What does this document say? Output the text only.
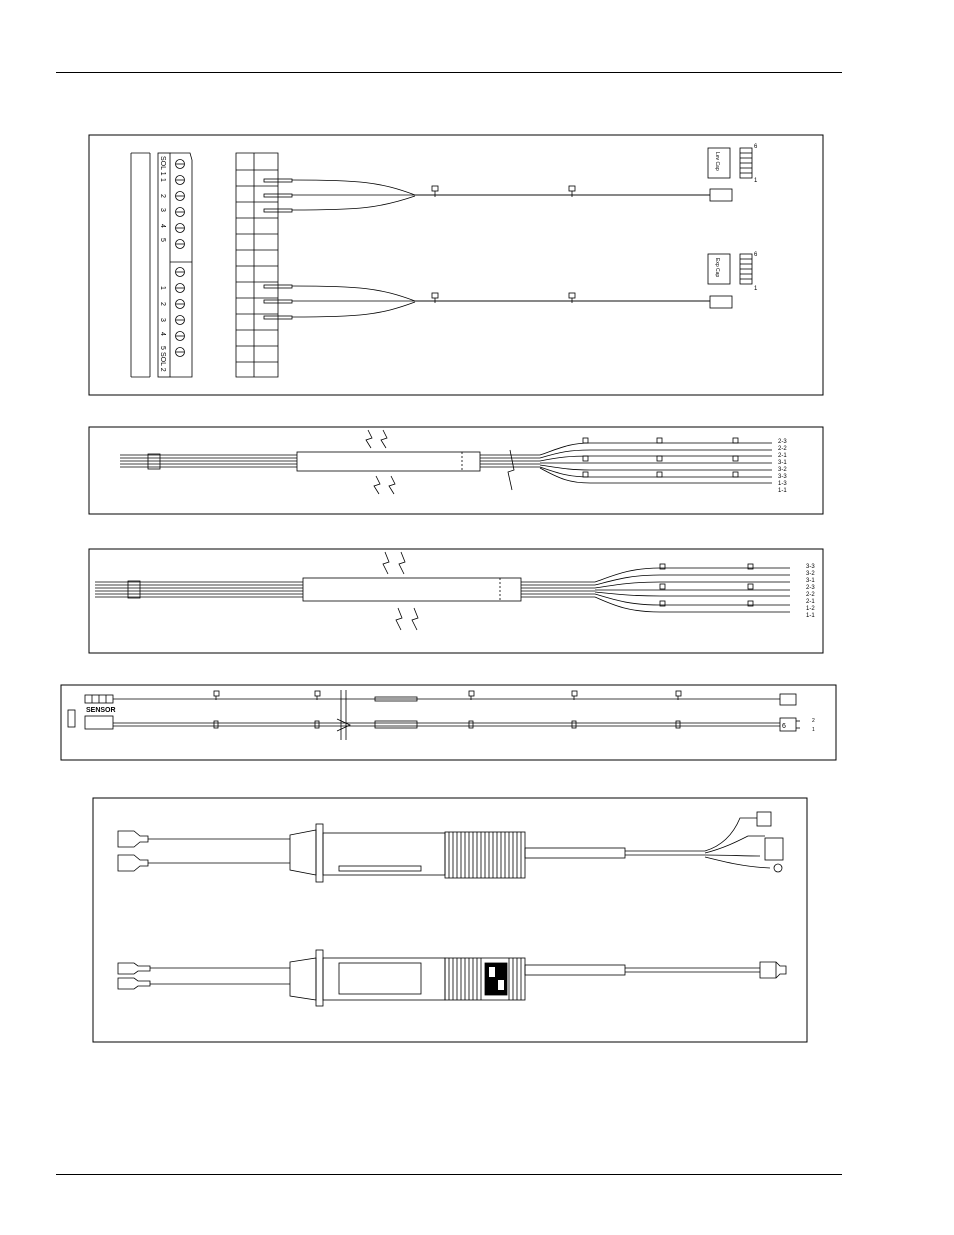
SOL 1
SOL 2
1
2
3
4
5
1
2
3
4
5
Lev Cap
6
1
Exp Cap
6
1
2-3
2-2
2-1
3-1
3-2
3-3
1-3
1-1
3-3
3-2
3-1
2-3
2-2
2-1
1-2
1-1
SENSOR
6
2
1
